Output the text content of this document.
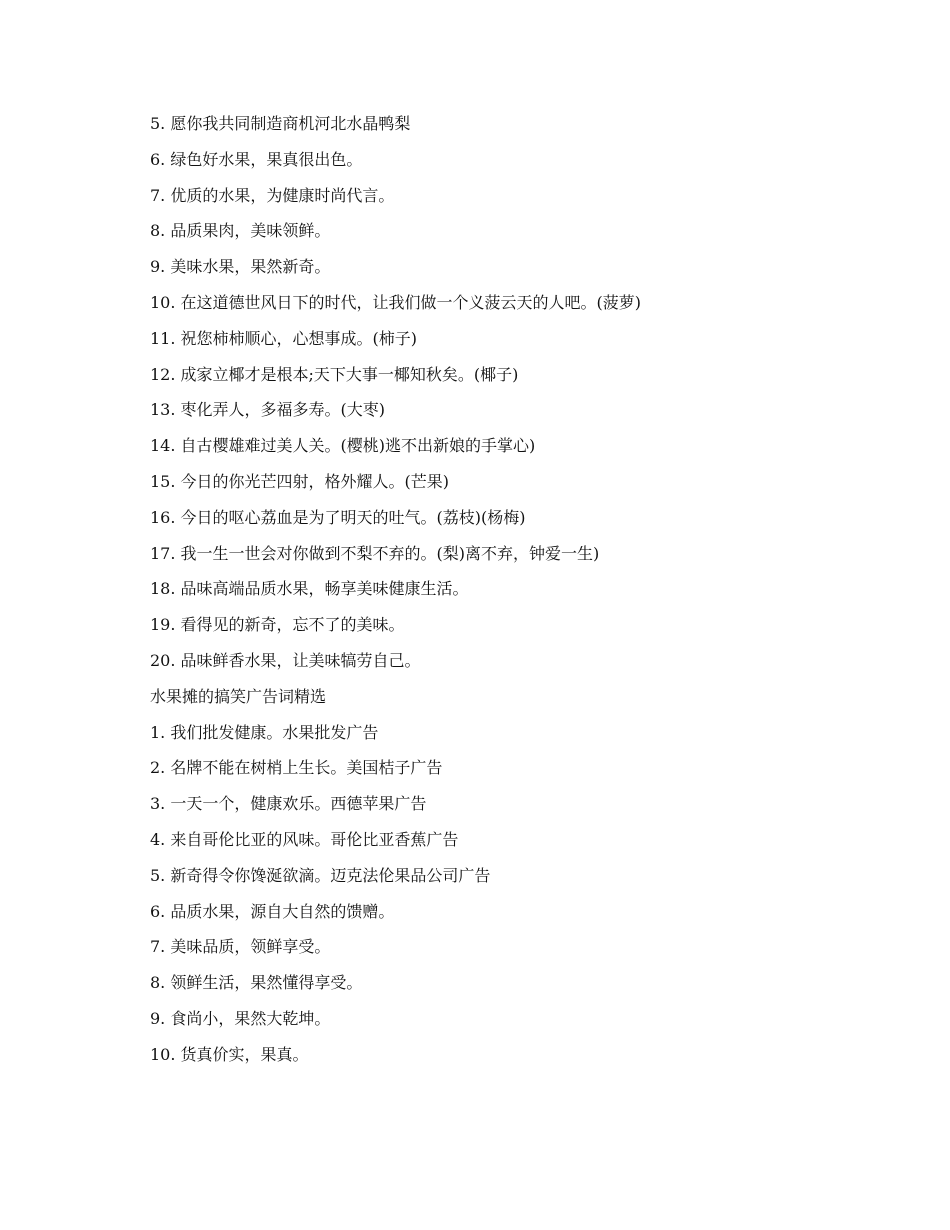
5. 愿你我共同制造商机河北水晶鸭梨
6. 绿色好水果，果真很出色。
7. 优质的水果，为健康时尚代言。
8. 品质果肉，美味领鲜。
9. 美味水果，果然新奇。
10. 在这道德世风日下的时代，让我们做一个义菠云天的人吧。(菠萝)
11. 祝您柿柿顺心，心想事成。(柿子)
12. 成家立椰才是根本;天下大事一椰知秋矣。(椰子)
13. 枣化弄人，多福多寿。(大枣)
14. 自古樱雄难过美人关。(樱桃)逃不出新娘的手掌心)
15. 今日的你光芒四射，格外耀人。(芒果)
16. 今日的呕心荔血是为了明天的吐气。(荔枝)(杨梅)
17. 我一生一世会对你做到不梨不弃的。(梨)离不弃，钟爱一生)
18. 品味高端品质水果，畅享美味健康生活。
19. 看得见的新奇，忘不了的美味。
20. 品味鲜香水果，让美味犒劳自己。
水果摊的搞笑广告词精选
1. 我们批发健康。水果批发广告
2. 名牌不能在树梢上生长。美国桔子广告
3. 一天一个，健康欢乐。西德苹果广告
4. 来自哥伦比亚的风味。哥伦比亚香蕉广告
5. 新奇得令你馋涎欲滴。迈克法伦果品公司广告
6. 品质水果，源自大自然的馈赠。
7. 美味品质，领鲜享受。
8. 领鲜生活，果然懂得享受。
9. 食尚小，果然大乾坤。
10. 货真价实，果真。
